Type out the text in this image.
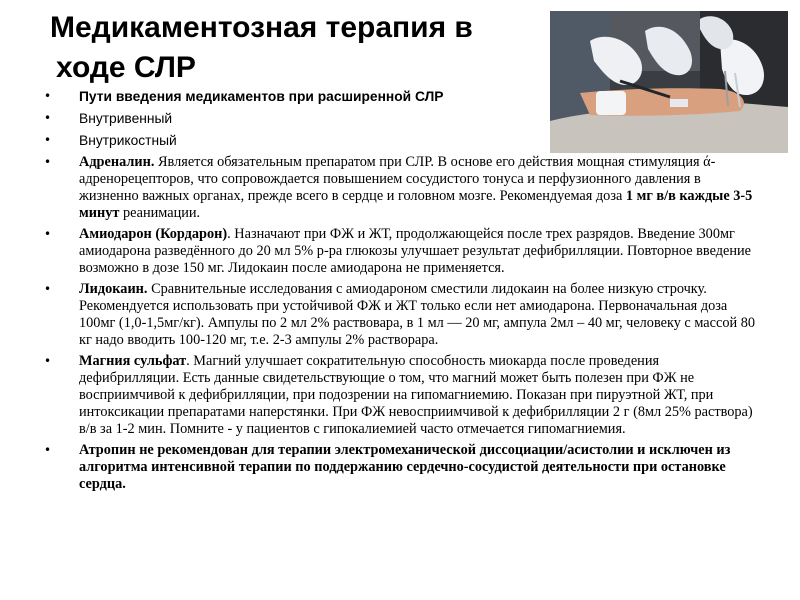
Медикаментозная терапия в
ходе СЛР
• Пути введения медикаментов при расширенной СЛР
• Внутривенный
• Внутрикостный
• Адреналин. Является обязательным препаратом при СЛР. В основе его действия мощная стимуляция ά-адренорецепторов, что сопровождается повышением сосудистого тонуса и перфузионного давления в жизненно важных органах, прежде всего в сердце и головном мозге. Рекомендуемая доза 1 мг в/в каждые 3-5 минут реанимации.
• Амиодарон (Кордарон). Назначают при ФЖ и ЖТ, продолжающейся после трех разрядов. Введение 300мг амиодарона разведённого до 20 мл 5% р-ра глюкозы улучшает результат дефибрилляции. Повторное введение возможно в дозе 150 мг. Лидокаин после амиодарона не применяется.
• Лидокаин. Сравнительные исследования с амиодароном сместили лидокаин на более низкую строчку. Рекомендуется использовать при устойчивой ФЖ и ЖТ только если нет амиодарона. Первоначальная доза 100мг (1,0-1,5мг/кг). Ампулы по 2 мл 2% раствовара, в 1 мл — 20 мг, ампула 2мл – 40 мг, человеку с массой 80 кг надо вводить 100-120 мг, т.е. 2-3 ампулы 2% растворара.
• Магния сульфат. Магний улучшает сократительную способность миокарда после проведения дефибрилляции. Есть данные свидетельствующие о том, что магний может быть полезен при ФЖ не восприимчивой к дефибрилляции, при подозрении на гипомагниемию. Показан при пируэтной ЖТ, при интоксикации препаратами наперстянки. При ФЖ невосприимчивой к дефибрилляции 2 г (8мл 25% раствора) в/в за 1-2 мин. Помните - у пациентов с гипокалиемией часто отмечается гипомагниемия.
• Атропин не рекомендован для терапии электромеханической диссоциации/асистолии и исключен из алгоритма интенсивной терапии по поддержанию сердечно-сосудистой деятельности при остановке сердца.
